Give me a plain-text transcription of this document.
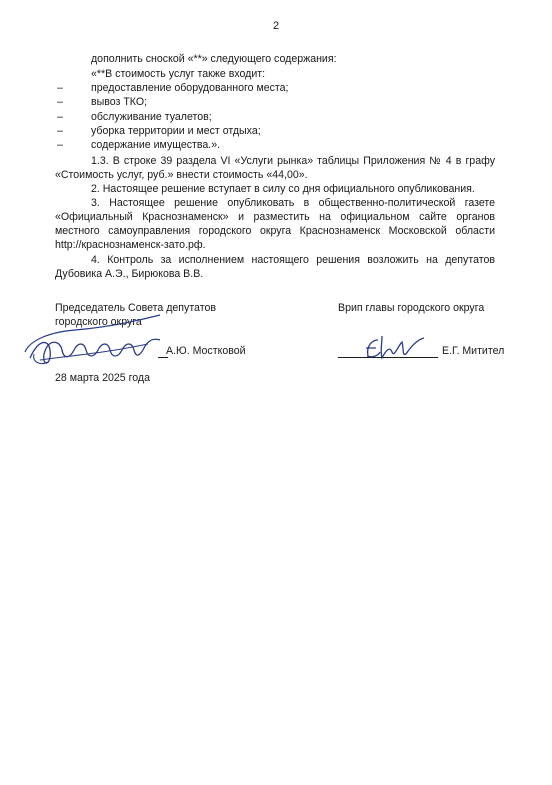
2
дополнить сноской «**» следующего содержания:
«**В стоимость услуг также входит:
–	предоставление оборудованного места;
–	вывоз ТКО;
–	обслуживание туалетов;
–	уборка территории и мест отдыха;
–	содержание имущества.».
1.3. В строке 39 раздела VI «Услуги рынка» таблицы Приложения № 4 в графу
«Стоимость услуг, руб.» внести стоимость «44,00».
2. Настоящее решение вступает в силу со дня официального опубликования.
3. Настоящее решение опубликовать в общественно-политической газете
«Официальный Краснознаменск» и разместить на официальном сайте органов
местного самоуправления городского округа Краснознаменск Московской области
http://краснознаменск-зато.рф.
4. Контроль за исполнением настоящего решения возложить на депутатов
Дубовика А.Э., Бирюкова В.В.
Председатель Совета депутатов
городского округа
А.Ю. Мостковой
Врип главы городского округа
Е.Г. Митител
28 марта 2025 года
